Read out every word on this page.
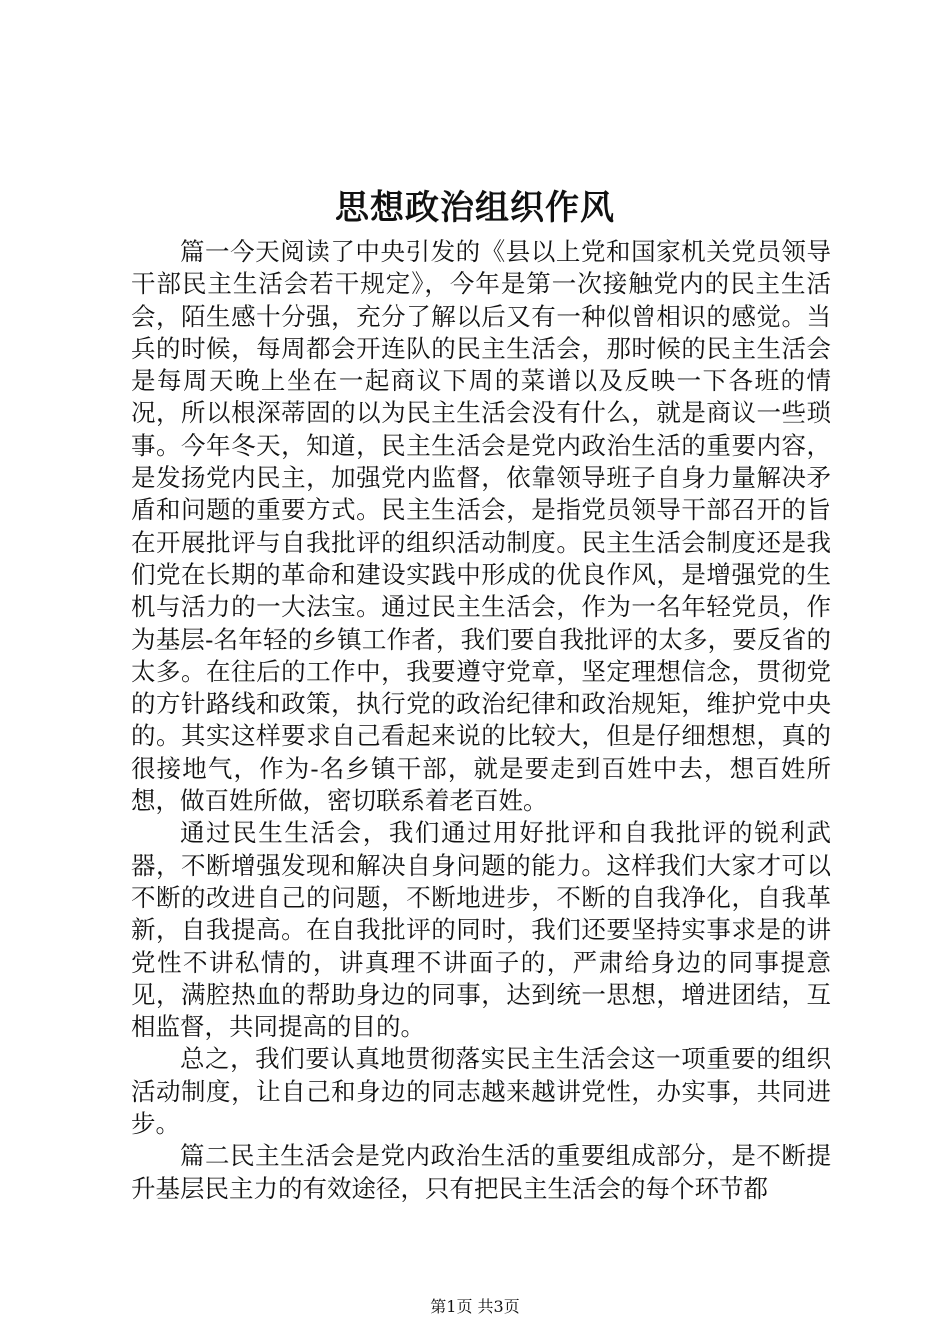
思想政治组织作风

篇一今天阅读了中央引发的《县以上党和国家机关党员领导干部民主生活会若干规定》，今年是第一次接触党内的民主生活会，陌生感十分强，充分了解以后又有一种似曾相识的感觉。当兵的时候，每周都会开连队的民主生活会，那时候的民主生活会是每周天晚上坐在一起商议下周的菜谱以及反映一下各班的情况，所以根深蒂固的以为民主生活会没有什么，就是商议一些琐事。今年冬天，知道，民主生活会是党内政治生活的重要内容，是发扬党内民主，加强党内监督，依靠领导班子自身力量解决矛盾和问题的重要方式。民主生活会，是指党员领导干部召开的旨在开展批评与自我批评的组织活动制度。民主生活会制度还是我们党在长期的革命和建设实践中形成的优良作风，是增强党的生机与活力的一大法宝。通过民主生活会，作为一名年轻党员，作为基层-名年轻的乡镇工作者，我们要自我批评的太多，要反省的太多。在往后的工作中，我要遵守党章，坚定理想信念，贯彻党的方针路线和政策，执行党的政治纪律和政治规矩，维护党中央的。其实这样要求自己看起来说的比较大，但是仔细想想，真的很接地气，作为-名乡镇干部，就是要走到百姓中去，想百姓所想，做百姓所做，密切联系着老百姓。

通过民生生活会，我们通过用好批评和自我批评的锐利武器，不断增强发现和解决自身问题的能力。这样我们大家才可以不断的改进自己的问题，不断地进步，不断的自我净化，自我革新，自我提高。在自我批评的同时，我们还要坚持实事求是的讲党性不讲私情的，讲真理不讲面子的，严肃给身边的同事提意见，满腔热血的帮助身边的同事，达到统一思想，增进团结，互相监督，共同提高的目的。

总之，我们要认真地贯彻落实民主生活会这一项重要的组织活动制度，让自己和身边的同志越来越讲党性，办实事，共同进步。

篇二民主生活会是党内政治生活的重要组成部分，是不断提升基层民主力的有效途径，只有把民主生活会的每个环节都

第1页 共3页
